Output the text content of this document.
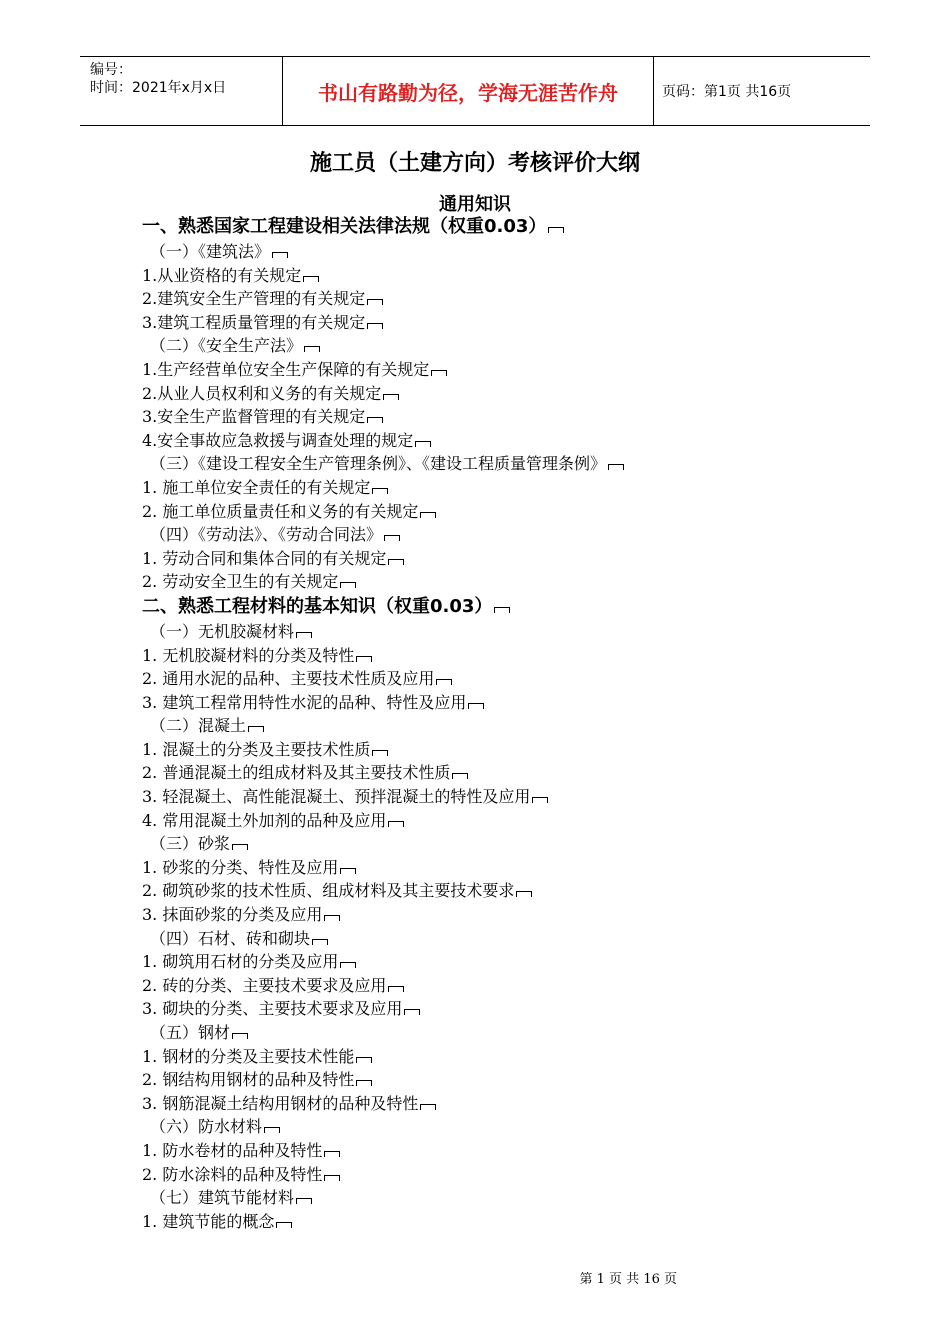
编号：
时间：2021年x月x日	书山有路勤为径，学海无涯苦作舟	页码：第1页 共16页
施工员（土建方向）考核评价大纲
通用知识
一、熟悉国家工程建设相关法律法规（权重0.03）
（一）《建筑法》
1.从业资格的有关规定
2.建筑安全生产管理的有关规定
3.建筑工程质量管理的有关规定
（二）《安全生产法》
1.生产经营单位安全生产保障的有关规定
2.从业人员权利和义务的有关规定
3.安全生产监督管理的有关规定
4.安全事故应急救援与调查处理的规定
（三）《建设工程安全生产管理条例》、《建设工程质量管理条例》
1. 施工单位安全责任的有关规定
2. 施工单位质量责任和义务的有关规定
（四）《劳动法》、《劳动合同法》
1. 劳动合同和集体合同的有关规定
2. 劳动安全卫生的有关规定
二、熟悉工程材料的基本知识（权重0.03）
（一）无机胶凝材料
1. 无机胶凝材料的分类及特性
2. 通用水泥的品种、主要技术性质及应用
3. 建筑工程常用特性水泥的品种、特性及应用
（二）混凝土
1. 混凝土的分类及主要技术性质
2. 普通混凝土的组成材料及其主要技术性质
3. 轻混凝土、高性能混凝土、预拌混凝土的特性及应用
4. 常用混凝土外加剂的品种及应用
（三）砂浆
1. 砂浆的分类、特性及应用
2. 砌筑砂浆的技术性质、组成材料及其主要技术要求
3. 抹面砂浆的分类及应用
（四）石材、砖和砌块
1. 砌筑用石材的分类及应用
2. 砖的分类、主要技术要求及应用
3. 砌块的分类、主要技术要求及应用
（五）钢材
1. 钢材的分类及主要技术性能
2. 钢结构用钢材的品种及特性
3. 钢筋混凝土结构用钢材的品种及特性
（六）防水材料
1. 防水卷材的品种及特性
2. 防水涂料的品种及特性
（七）建筑节能材料
1. 建筑节能的概念
第 1 页 共 16 页
